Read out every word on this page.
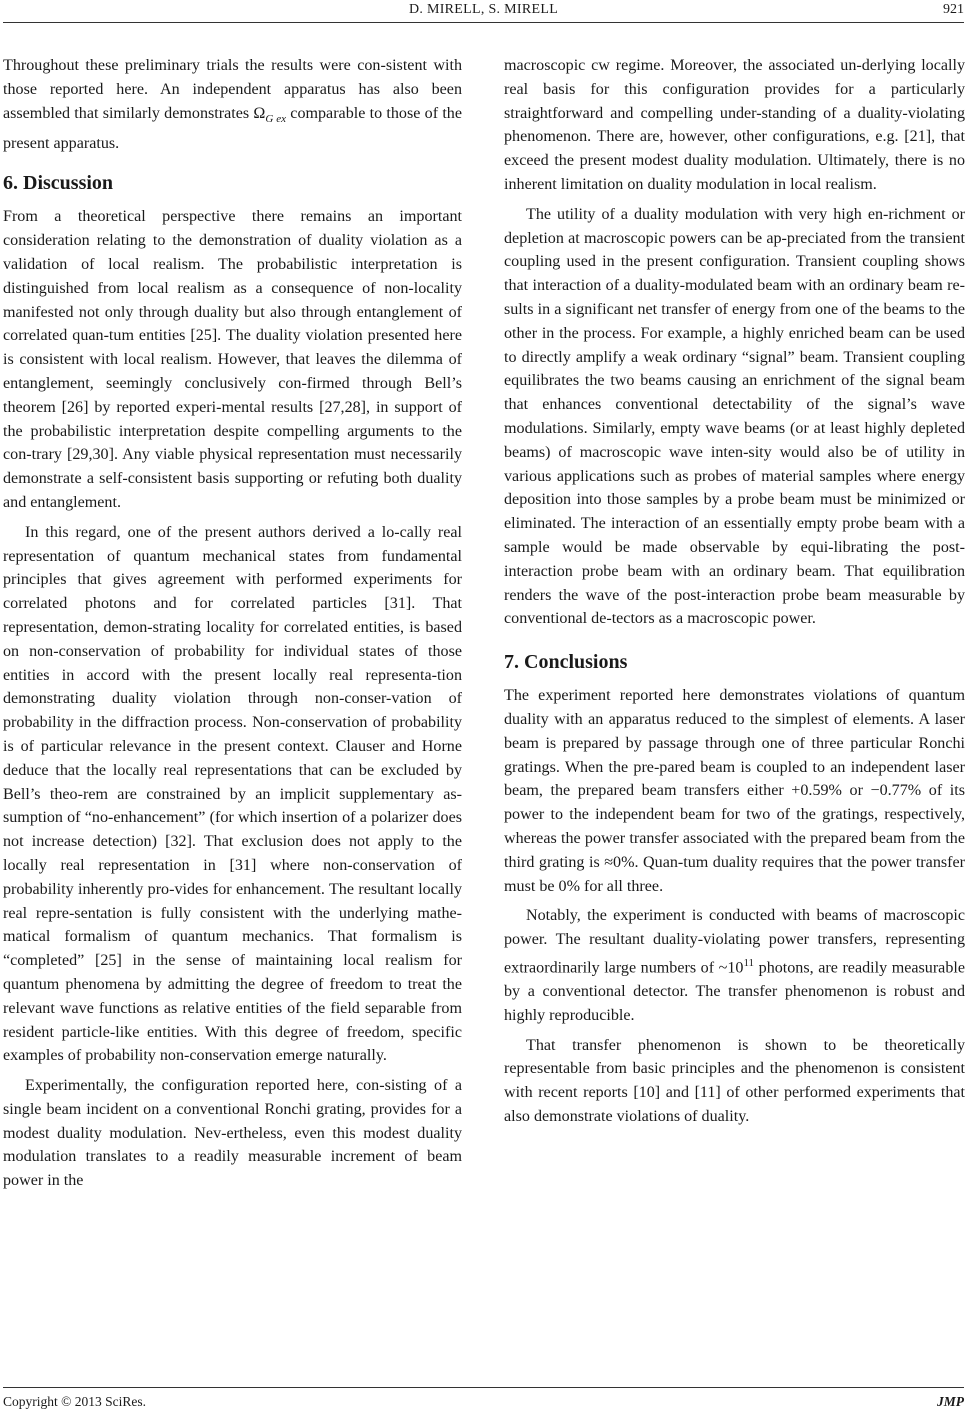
D. MIRELL, S. MIRELL	921

Throughout these preliminary trials the results were con-sistent with those reported here. An independent apparatus has also been assembled that similarly demonstrates $\Omega_{G ex}$ comparable to those of the present apparatus.

6. Discussion

From a theoretical perspective there remains an important consideration relating to the demonstration of duality violation as a validation of local realism. The probabilistic interpretation is distinguished from local realism as a consequence of non-locality manifested not only through duality but also through entanglement of correlated quan-tum entities [25]. The duality violation presented here is consistent with local realism. However, that leaves the dilemma of entanglement, seemingly conclusively con-firmed through Bell’s theorem [26] by reported experi-mental results [27,28], in support of the probabilistic interpretation despite compelling arguments to the con-trary [29,30]. Any viable physical representation must necessarily demonstrate a self-consistent basis supporting or refuting both duality and entanglement.

In this regard, one of the present authors derived a lo-cally real representation of quantum mechanical states from fundamental principles that gives agreement with performed experiments for correlated photons and for correlated particles [31]. That representation, demon-strating locality for correlated entities, is based on non-conservation of probability for individual states of those entities in accord with the present locally real representa-tion demonstrating duality violation through non-conser-vation of probability in the diffraction process. Non-conservation of probability is of particular relevance in the present context. Clauser and Horne deduce that the locally real representations that can be excluded by Bell’s theo-rem are constrained by an implicit supplementary as-sumption of “no-enhancement” (for which insertion of a polarizer does not increase detection) [32]. That exclusion does not apply to the locally real representation in [31] where non-conservation of probability inherently pro-vides for enhancement. The resultant locally real repre-sentation is fully consistent with the underlying mathe-matical formalism of quantum mechanics. That formalism is “completed” [25] in the sense of maintaining local realism for quantum phenomena by admitting the degree of freedom to treat the relevant wave functions as relative entities of the field separable from resident particle-like entities. With this degree of freedom, specific examples of probability non-conservation emerge naturally.

Experimentally, the configuration reported here, con-sisting of a single beam incident on a conventional Ronchi grating, provides for a modest duality modulation. Nev-ertheless, even this modest duality modulation translates to a readily measurable increment of beam power in the

macroscopic cw regime. Moreover, the associated un-derlying locally real basis for this configuration provides for a particularly straightforward and compelling under-standing of a duality-violating phenomenon. There are, however, other configurations, e.g. [21], that exceed the present modest duality modulation. Ultimately, there is no inherent limitation on duality modulation in local realism.

The utility of a duality modulation with very high en-richment or depletion at macroscopic powers can be ap-preciated from the transient coupling used in the present configuration. Transient coupling shows that interaction of a duality-modulated beam with an ordinary beam re-sults in a significant net transfer of energy from one of the beams to the other in the process. For example, a highly enriched beam can be used to directly amplify a weak ordinary “signal” beam. Transient coupling equilibrates the two beams causing an enrichment of the signal beam that enhances conventional detectability of the signal’s wave modulations. Similarly, empty wave beams (or at least highly depleted beams) of macroscopic wave inten-sity would also be of utility in various applications such as probes of material samples where energy deposition into those samples by a probe beam must be minimized or eliminated. The interaction of an essentially empty probe beam with a sample would be made observable by equi-librating the post-interaction probe beam with an ordinary beam. That equilibration renders the wave of the post-interaction probe beam measurable by conventional de-tectors as a macroscopic power.

7. Conclusions

The experiment reported here demonstrates violations of quantum duality with an apparatus reduced to the simplest of elements. A laser beam is prepared by passage through one of three particular Ronchi gratings. When the pre-pared beam is coupled to an independent laser beam, the prepared beam transfers either +0.59% or −0.77% of its power to the independent beam for two of the gratings, respectively, whereas the power transfer associated with the prepared beam from the third grating is ≈0%. Quan-tum duality requires that the power transfer must be 0% for all three.

Notably, the experiment is conducted with beams of macroscopic power. The resultant duality-violating power transfers, representing extraordinarily large numbers of $\sim 10^{11}$ photons, are readily measurable by a conventional detector. The transfer phenomenon is robust and highly reproducible.

That transfer phenomenon is shown to be theoretically representable from basic principles and the phenomenon is consistent with recent reports [10] and [11] of other performed experiments that also demonstrate violations of duality.

Copyright © 2013 SciRes.	JMP
